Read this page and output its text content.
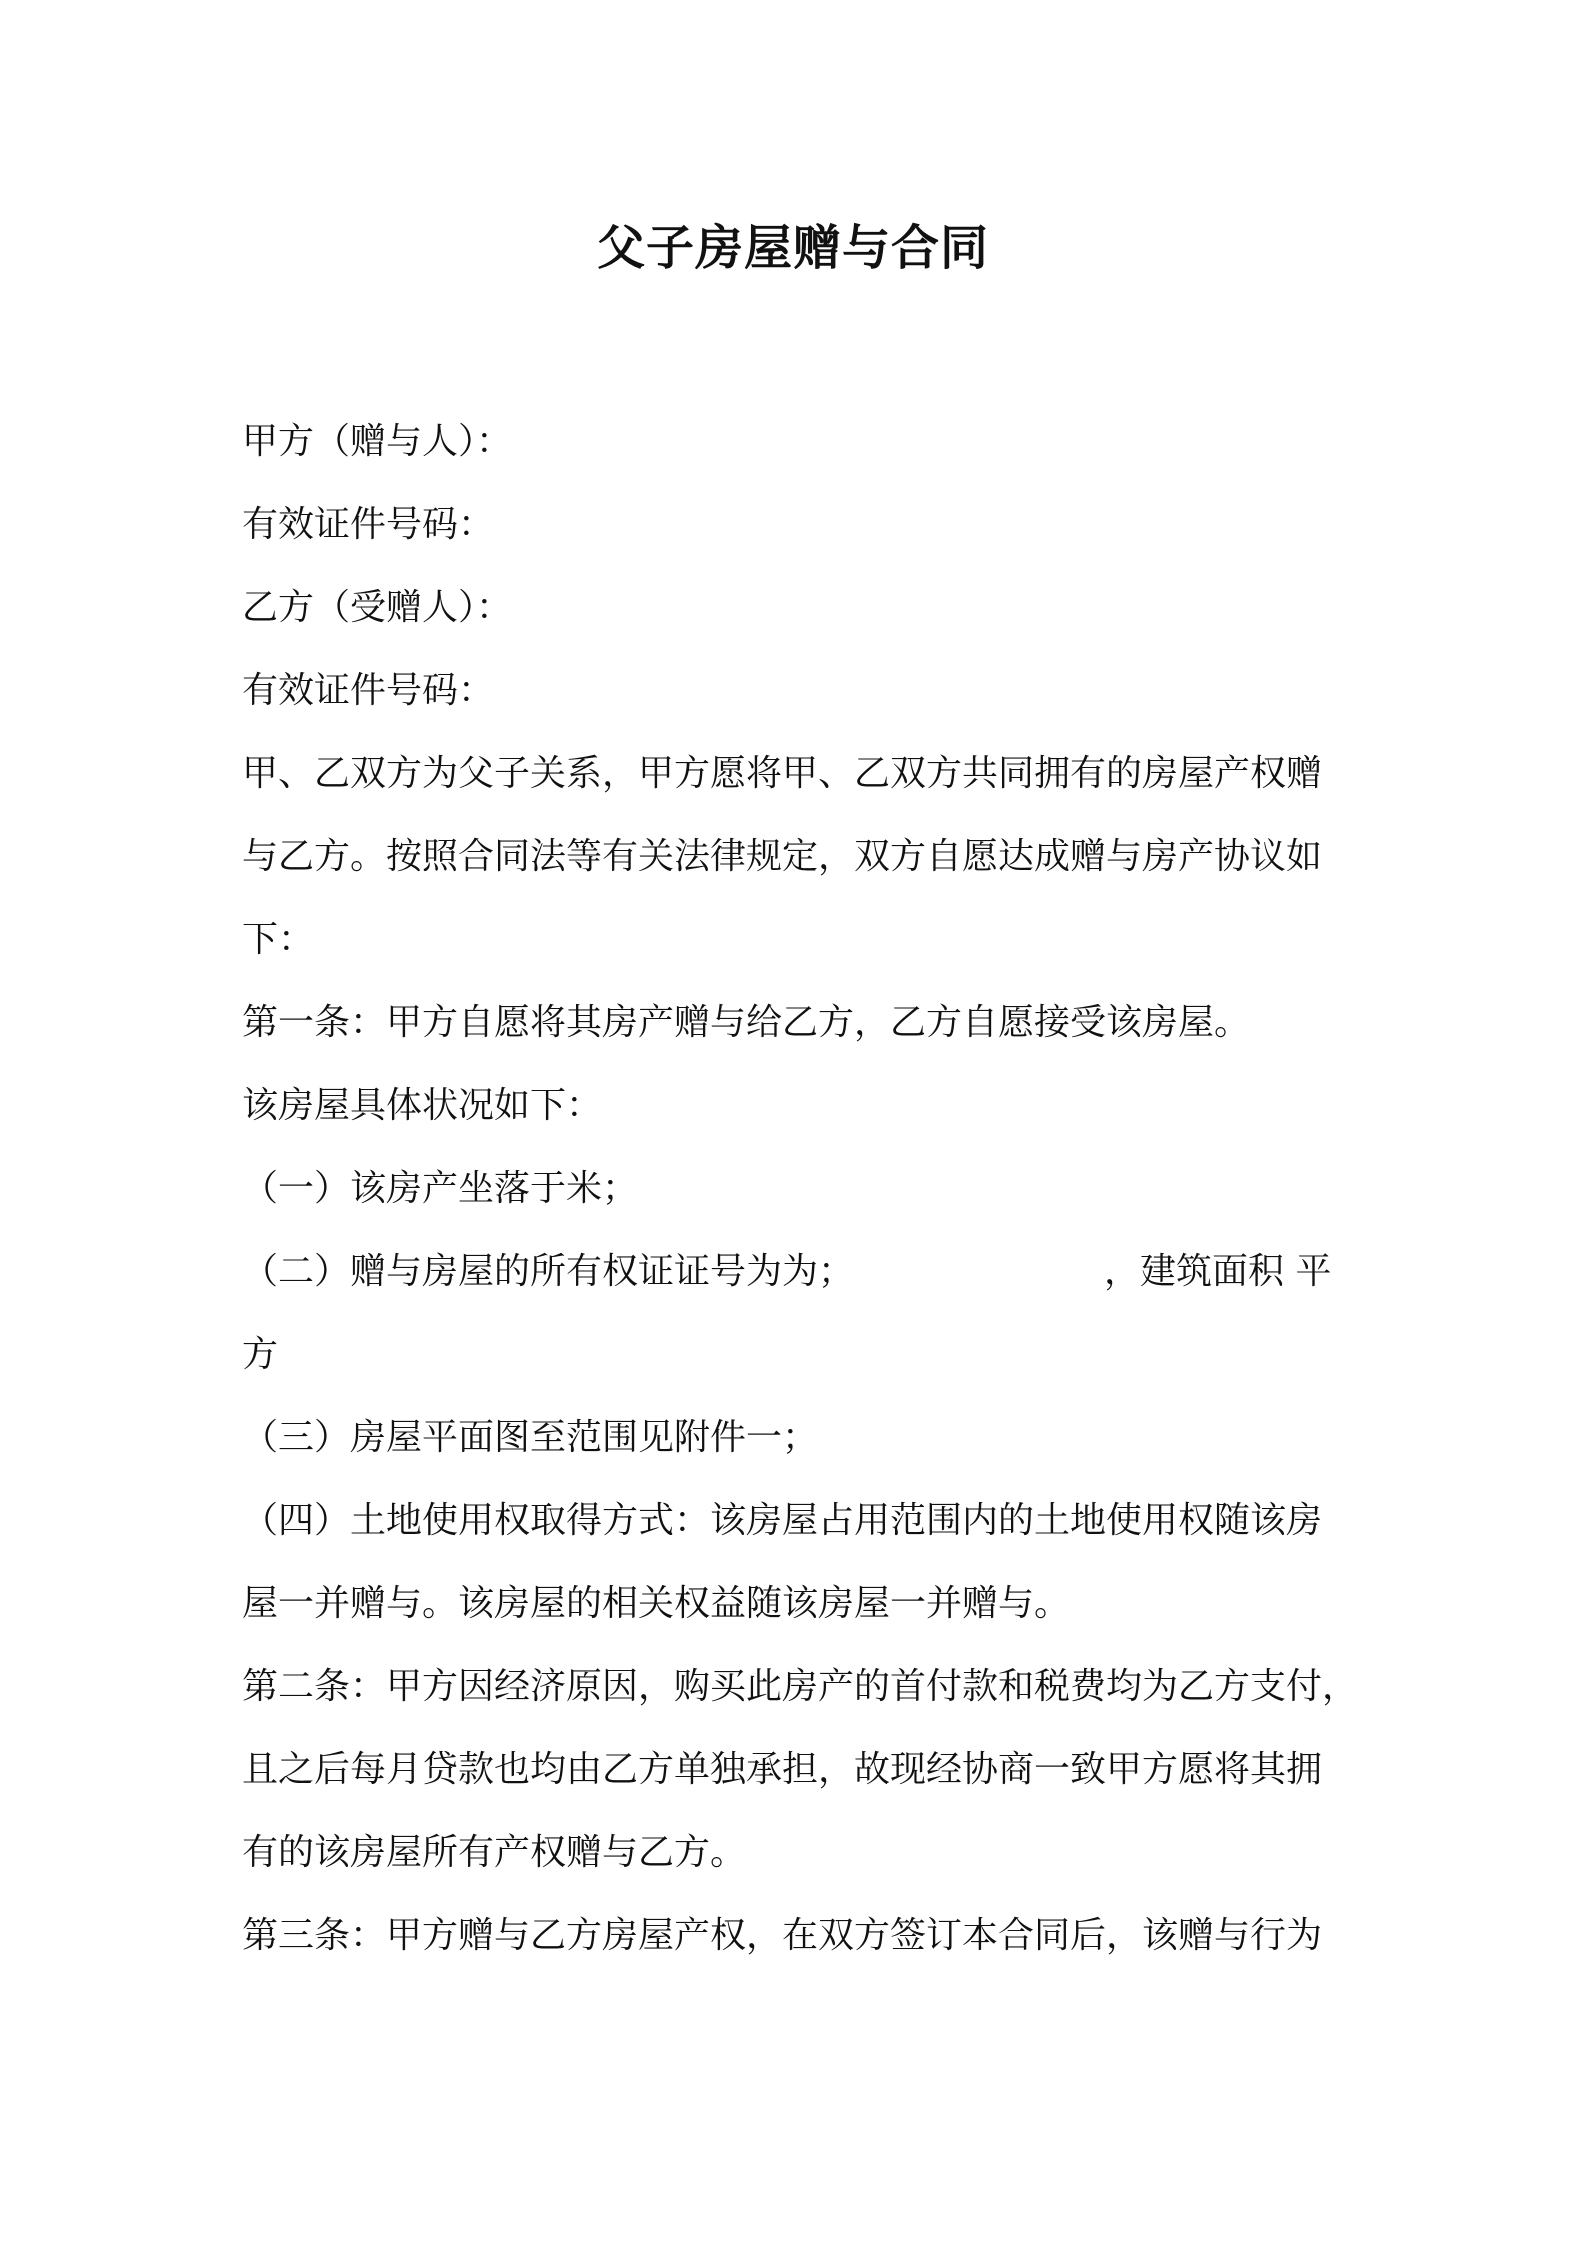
父子房屋赠与合同
甲方（赠与人）：
有效证件号码：
乙方（受赠人）：
有效证件号码：
甲、乙双方为父子关系，甲方愿将甲、乙双方共同拥有的房屋产权赠
与乙方。按照合同法等有关法律规定，双方自愿达成赠与房产协议如
下：
第一条：甲方自愿将其房产赠与给乙方，乙方自愿接受该房屋。
该房屋具体状况如下：
（一）该房产坐落于米；
（二）赠与房屋的所有权证证号为为；	，建筑面积 平
方
（三）房屋平面图至范围见附件一；
（四）土地使用权取得方式：该房屋占用范围内的土地使用权随该房
屋一并赠与。该房屋的相关权益随该房屋一并赠与。
第二条：甲方因经济原因，购买此房产的首付款和税费均为乙方支付，
且之后每月贷款也均由乙方单独承担，故现经协商一致甲方愿将其拥
有的该房屋所有产权赠与乙方。
第三条：甲方赠与乙方房屋产权，在双方签订本合同后，该赠与行为
